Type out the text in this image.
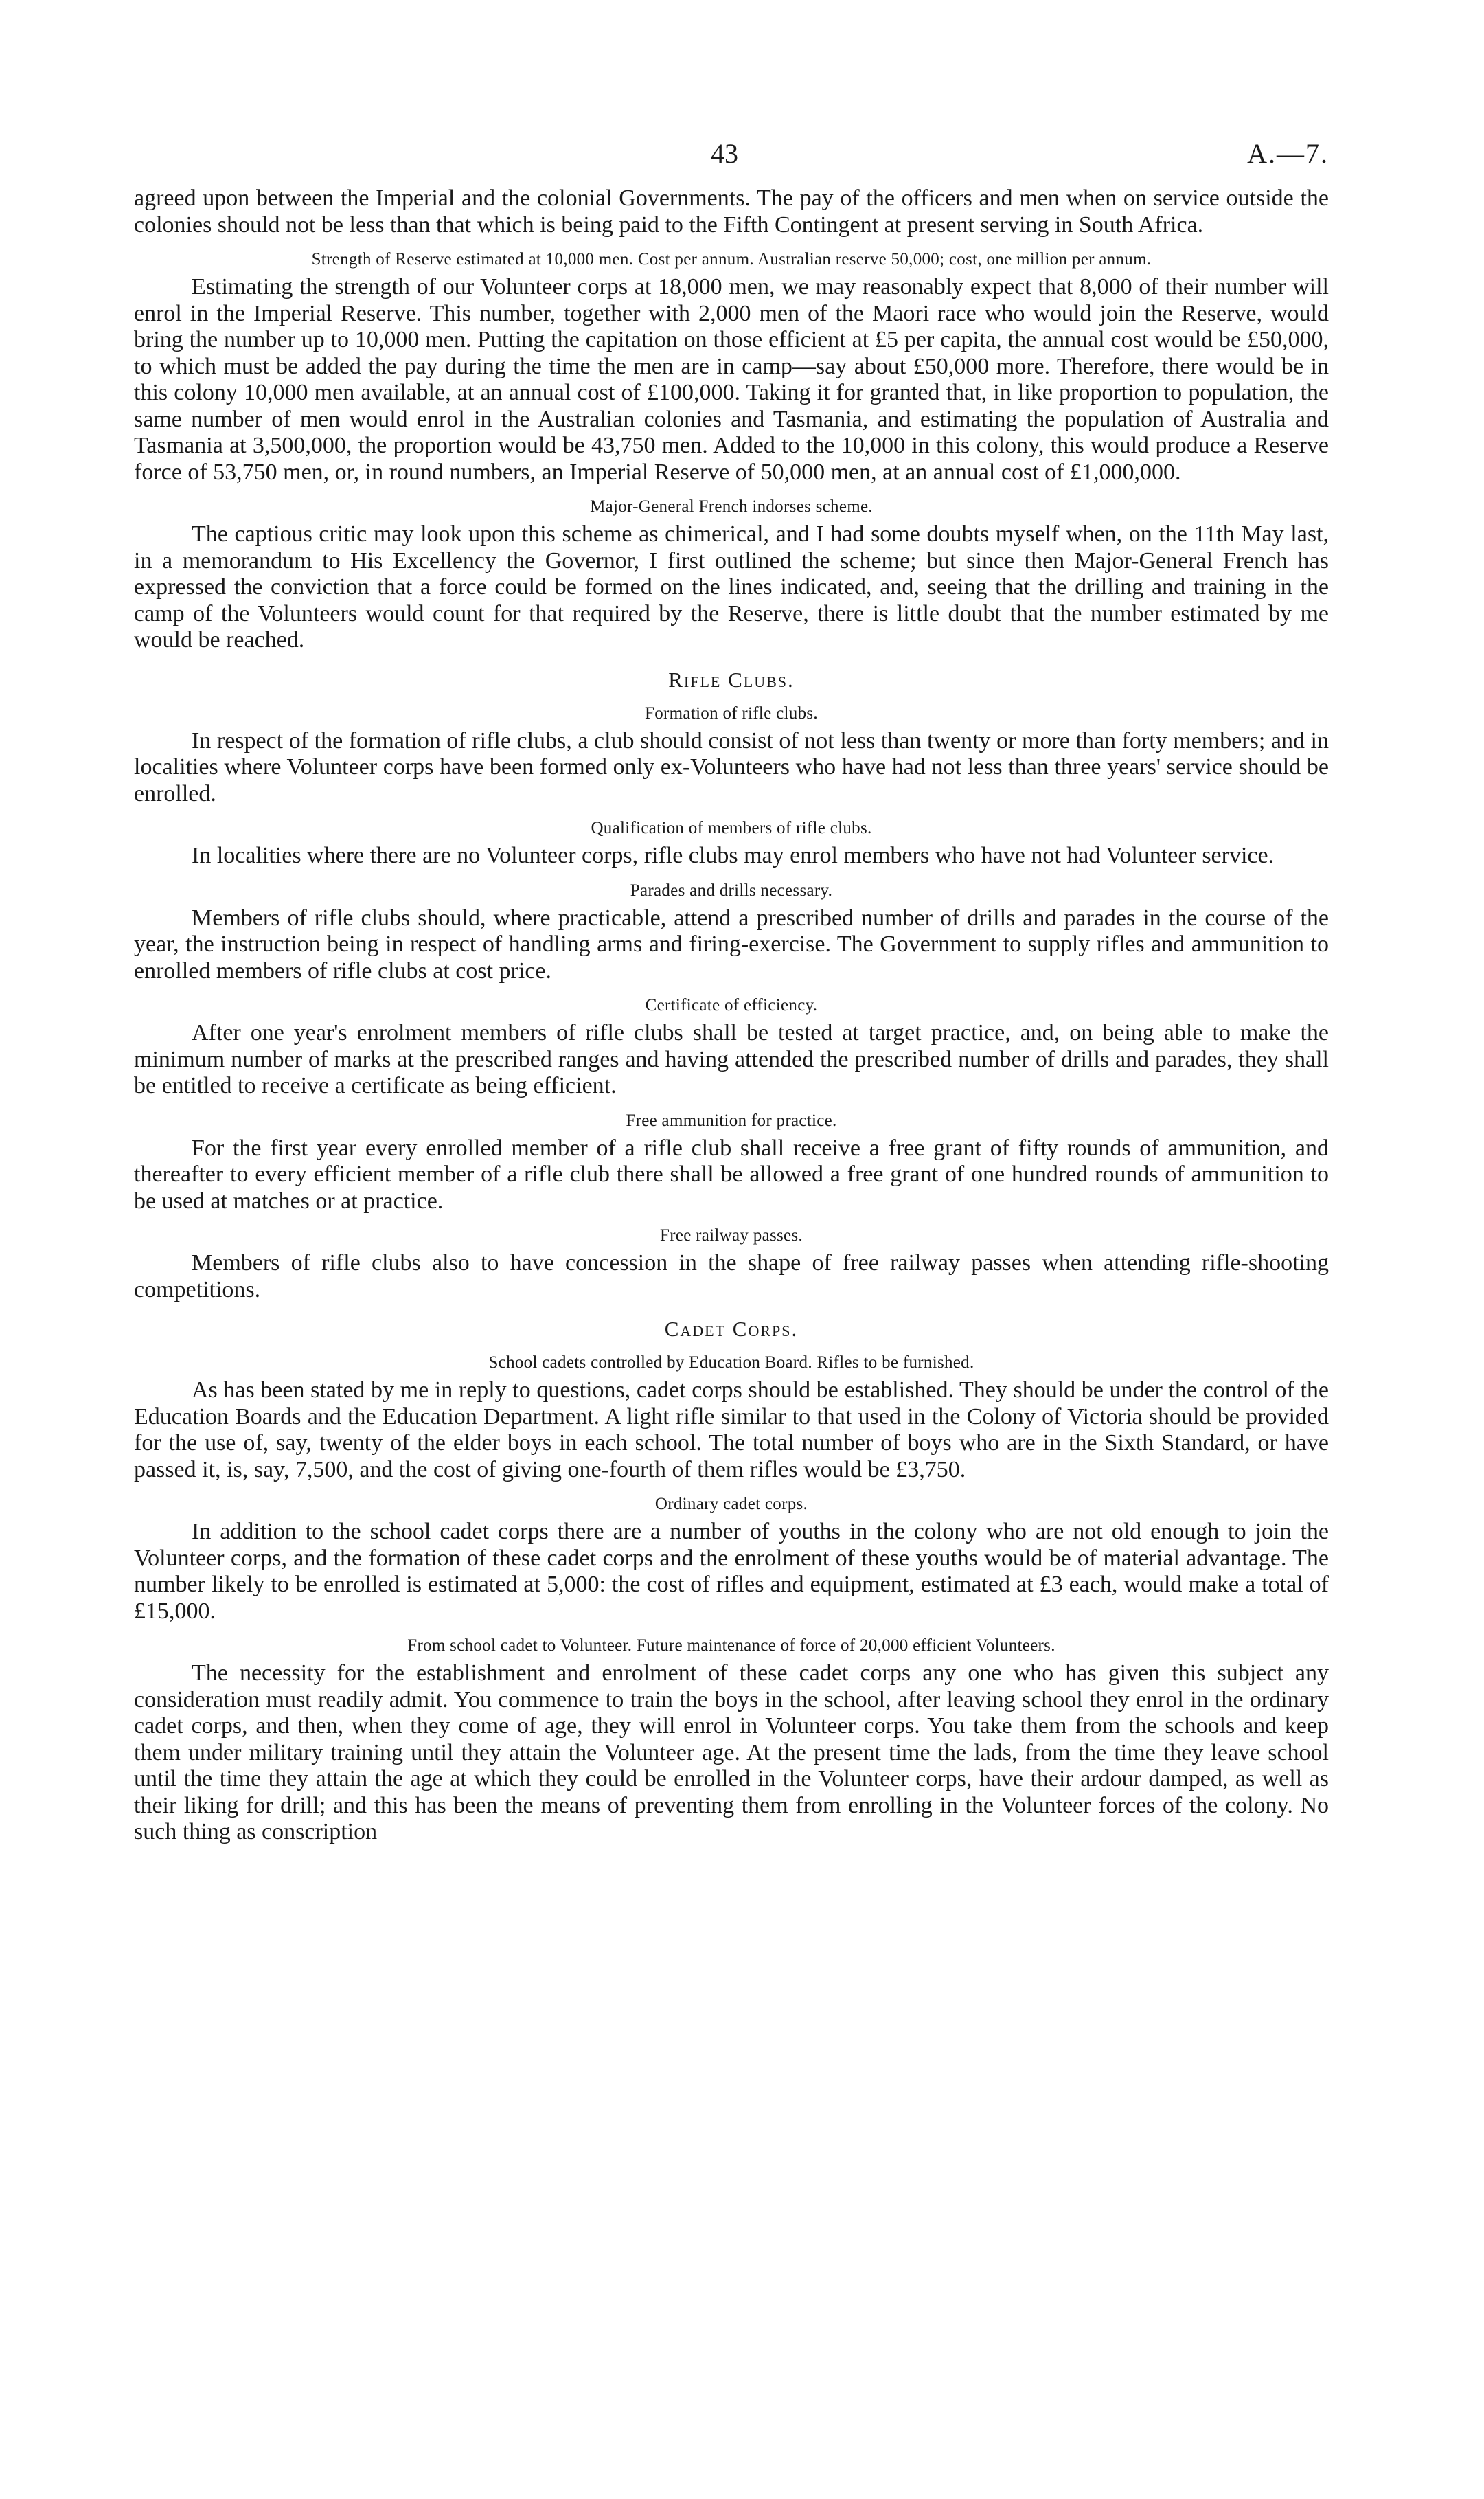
43	A.—7.

agreed upon between the Imperial and the colonial Governments. The pay of the officers and men when on service outside the colonies should not be less than that which is being paid to the Fifth Contingent at present serving in South Africa.

Strength of Reserve estimated at 10,000 men. Cost per annum. Australian reserve 50,000; cost, one million per annum.

Estimating the strength of our Volunteer corps at 18,000 men, we may reasonably expect that 8,000 of their number will enrol in the Imperial Reserve. This number, together with 2,000 men of the Maori race who would join the Reserve, would bring the number up to 10,000 men. Putting the capitation on those efficient at £5 per capita, the annual cost would be £50,000, to which must be added the pay during the time the men are in camp—say about £50,000 more. Therefore, there would be in this colony 10,000 men available, at an annual cost of £100,000. Taking it for granted that, in like proportion to population, the same number of men would enrol in the Australian colonies and Tasmania, and estimating the population of Australia and Tasmania at 3,500,000, the proportion would be 43,750 men. Added to the 10,000 in this colony, this would produce a Reserve force of 53,750 men, or, in round numbers, an Imperial Reserve of 50,000 men, at an annual cost of £1,000,000.

Major-General French indorses scheme.

The captious critic may look upon this scheme as chimerical, and I had some doubts myself when, on the 11th May last, in a memorandum to His Excellency the Governor, I first outlined the scheme; but since then Major-General French has expressed the conviction that a force could be formed on the lines indicated, and, seeing that the drilling and training in the camp of the Volunteers would count for that required by the Reserve, there is little doubt that the number estimated by me would be reached.

Rifle Clubs.
Formation of rifle clubs.

In respect of the formation of rifle clubs, a club should consist of not less than twenty or more than forty members; and in localities where Volunteer corps have been formed only ex-Volunteers who have had not less than three years' service should be enrolled.

Qualification of members of rifle clubs.

In localities where there are no Volunteer corps, rifle clubs may enrol members who have not had Volunteer service.

Parades and drills necessary.

Members of rifle clubs should, where practicable, attend a prescribed number of drills and parades in the course of the year, the instruction being in respect of handling arms and firing-exercise. The Government to supply rifles and ammunition to enrolled members of rifle clubs at cost price.

Certificate of efficiency.

After one year's enrolment members of rifle clubs shall be tested at target practice, and, on being able to make the minimum number of marks at the prescribed ranges and having attended the prescribed number of drills and parades, they shall be entitled to receive a certificate as being efficient.

Free ammunition for practice.

For the first year every enrolled member of a rifle club shall receive a free grant of fifty rounds of ammunition, and thereafter to every efficient member of a rifle club there shall be allowed a free grant of one hundred rounds of ammunition to be used at matches or at practice.

Free railway passes.

Members of rifle clubs also to have concession in the shape of free railway passes when attending rifle-shooting competitions.

Cadet Corps.
School cadets controlled by Education Board. Rifles to be furnished.

As has been stated by me in reply to questions, cadet corps should be established. They should be under the control of the Education Boards and the Education Department. A light rifle similar to that used in the Colony of Victoria should be provided for the use of, say, twenty of the elder boys in each school. The total number of boys who are in the Sixth Standard, or have passed it, is, say, 7,500, and the cost of giving one-fourth of them rifles would be £3,750.

Ordinary cadet corps.

In addition to the school cadet corps there are a number of youths in the colony who are not old enough to join the Volunteer corps, and the formation of these cadet corps and the enrolment of these youths would be of material advantage. The number likely to be enrolled is estimated at 5,000: the cost of rifles and equipment, estimated at £3 each, would make a total of £15,000.

From school cadet to Volunteer. Future maintenance of force of 20,000 efficient Volunteers.

The necessity for the establishment and enrolment of these cadet corps any one who has given this subject any consideration must readily admit. You commence to train the boys in the school, after leaving school they enrol in the ordinary cadet corps, and then, when they come of age, they will enrol in Volunteer corps. You take them from the schools and keep them under military training until they attain the Volunteer age. At the present time the lads, from the time they leave school until the time they attain the age at which they could be enrolled in the Volunteer corps, have their ardour damped, as well as their liking for drill; and this has been the means of preventing them from enrolling in the Volunteer forces of the colony. No such thing as conscription
